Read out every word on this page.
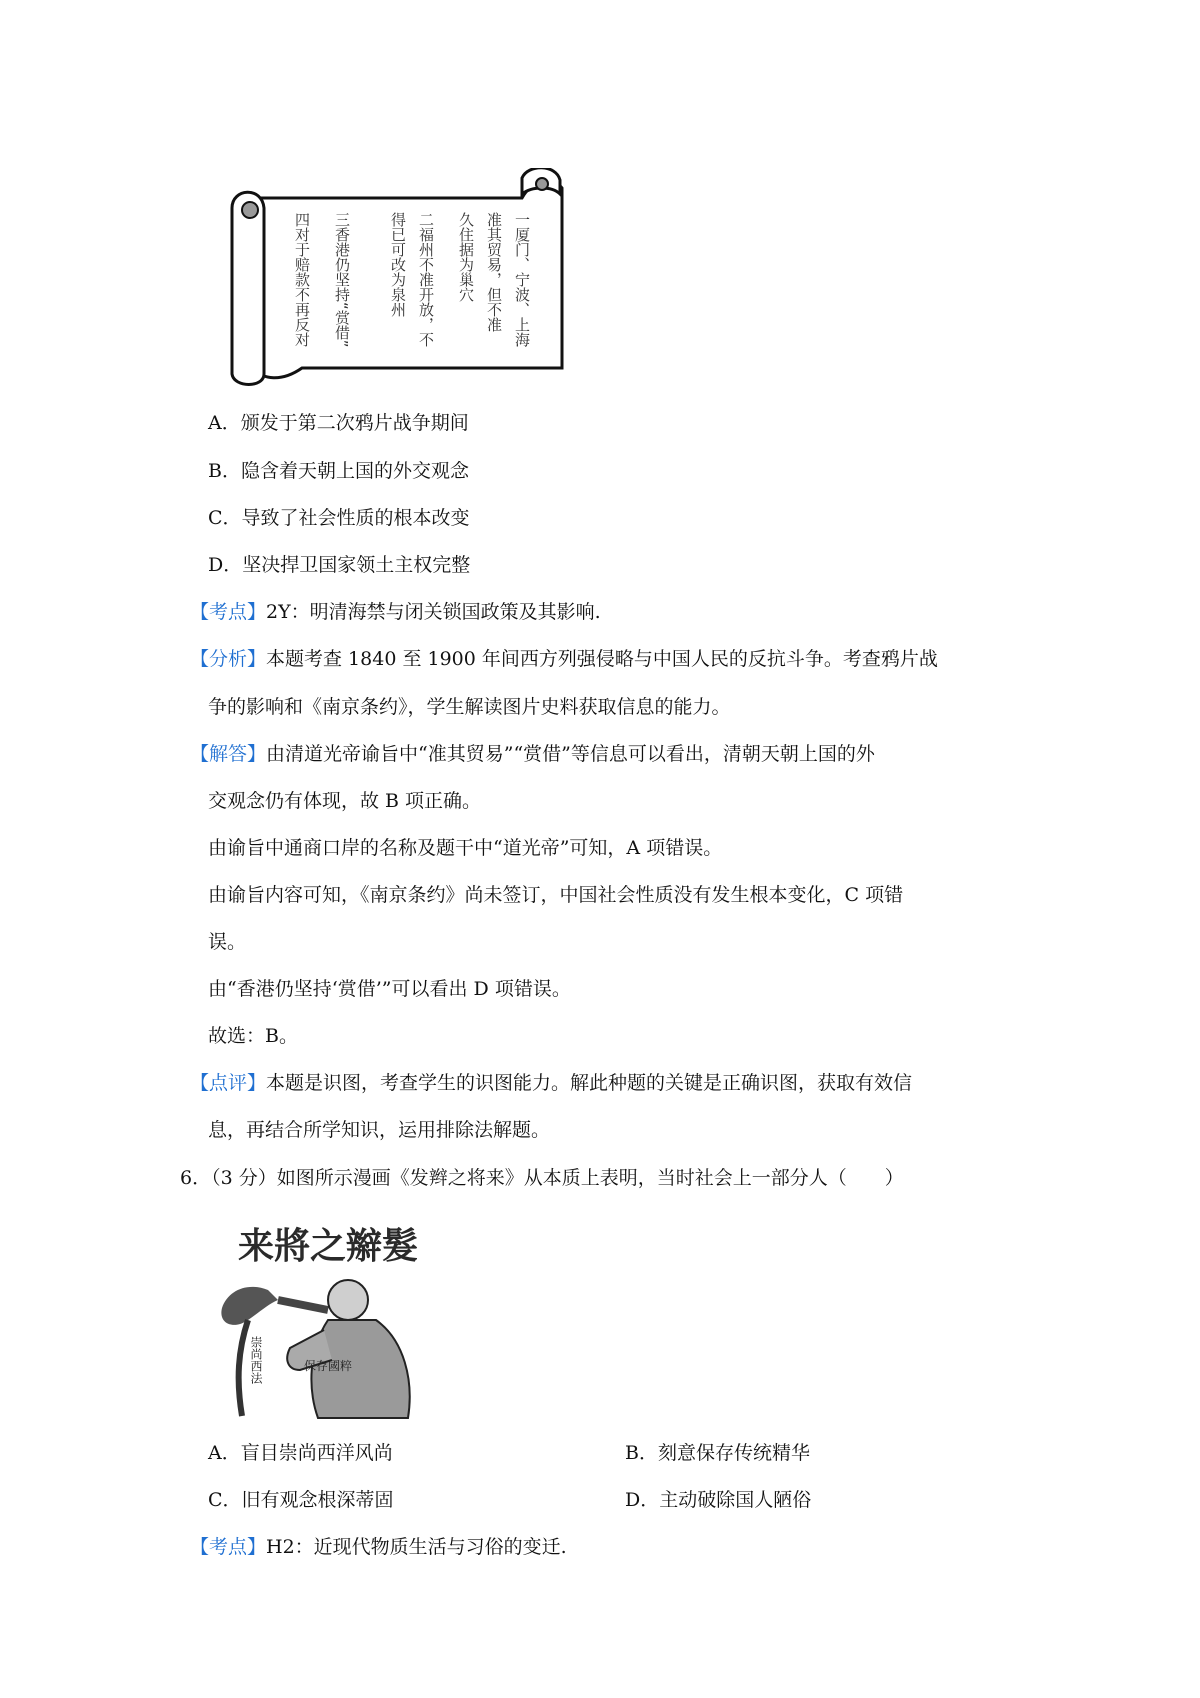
一厦门、宁波、上海
准其贸易，但不准
久住据为巢穴
二福州不准开放，不
得已可改为泉州
三香港仍坚持“赏借”
四对于赔款不再反对
A．颁发于第二次鸦片战争期间
B．隐含着天朝上国的外交观念
C．导致了社会性质的根本改变
D．坚决捍卫国家领土主权完整
【考点】2Y：明清海禁与闭关锁国政策及其影响.
【分析】本题考查 1840 至 1900 年间西方列强侵略与中国人民的反抗斗争。考查鸦片战
争的影响和《南京条约》，学生解读图片史料获取信息的能力。
【解答】由清道光帝谕旨中“准其贸易”“赏借”等信息可以看出，清朝天朝上国的外
交观念仍有体现，故 B 项正确。
由谕旨中通商口岸的名称及题干中“道光帝”可知，A 项错误。
由谕旨内容可知，《南京条约》尚未签订，中国社会性质没有发生根本变化，C 项错
误。
由“香港仍坚持‘赏借’”可以看出 D 项错误。
故选：B。
【点评】本题是识图，考查学生的识图能力。解此种题的关键是正确识图，获取有效信
息，再结合所学知识，运用排除法解题。
6．（3 分）如图所示漫画《发辫之将来》从本质上表明，当时社会上一部分人（　　）
来將之辮髮
崇尚西法	保存國粹
A．盲目崇尚西洋风尚	B．刻意保存传统精华
C．旧有观念根深蒂固	D．主动破除国人陋俗
【考点】H2：近现代物质生活与习俗的变迁.
